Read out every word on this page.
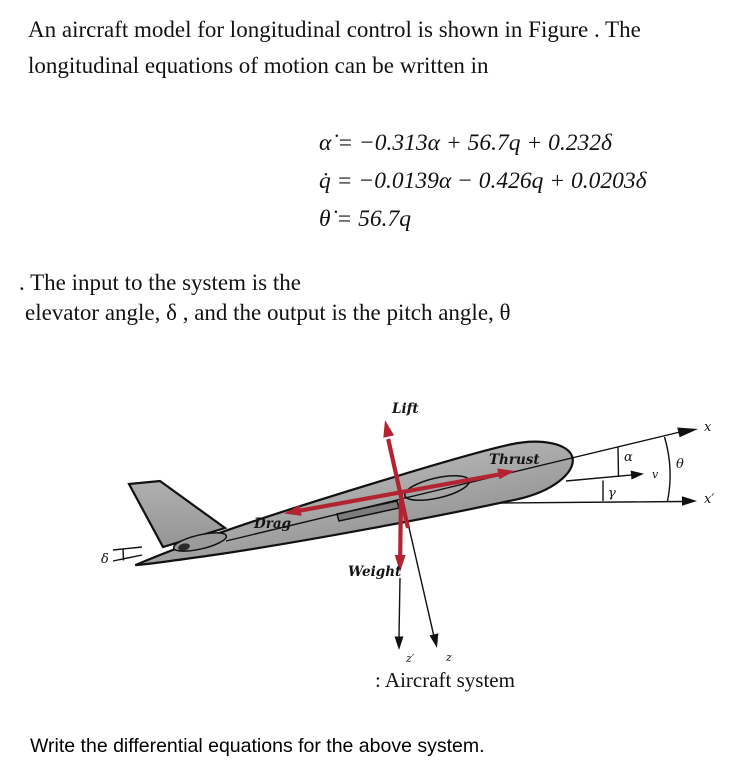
An aircraft model for longitudinal control is shown in Figure . The
longitudinal equations of motion can be written in
α̇ = −0.313α + 56.7q + 0.232δ
q̇ = −0.0139α − 0.426q + 0.0203δ
θ̇ = 56.7q
. The input to the system is the
elevator angle, δ , and the output is the pitch angle, θ
δ
x
x′
v
α
γ
θ
z
z′
Lift
Thrust
Drag
Weight
: Aircraft system
Write the differential equations for the above system.
